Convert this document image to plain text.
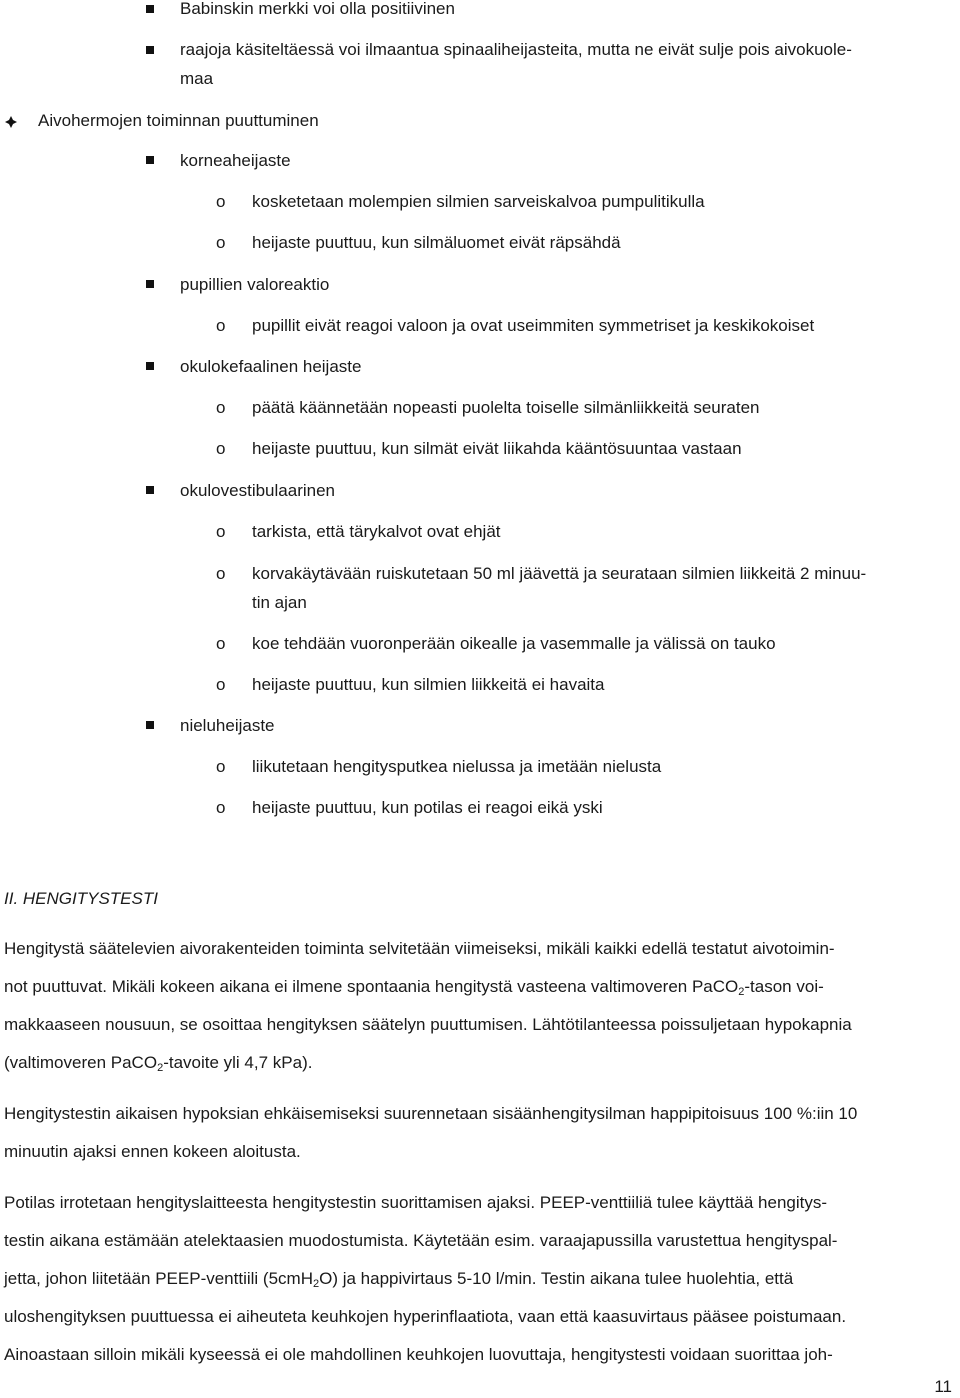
Babinskin merkki voi olla positiivinen
raajoja käsiteltäessä voi ilmaantua spinaaliheijasteita, mutta ne eivät sulje pois aivokuole-
maa
Aivohermojen toiminnan puuttuminen
korneaheijaste
o kosketetaan molempien silmien sarveiskalvoa pumpulitikulla
o heijaste puuttuu, kun silmäluomet eivät räpsähdä
pupillien valoreaktio
o pupillit eivät reagoi valoon ja ovat useimmiten symmetriset ja keskikokoiset
okulokefaalinen heijaste
o päätä käännetään nopeasti puolelta toiselle silmänliikkeitä seuraten
o heijaste puuttuu, kun silmät eivät liikahda kääntösuuntaa vastaan
okulovestibulaarinen
o tarkista, että tärykalvot ovat ehjät
o korvakäytävään ruiskutetaan 50 ml jäävettä ja seurataan silmien liikkeitä 2 minuu-
tin ajan
o koe tehdään vuoronperään oikealle ja vasemmalle ja välissä on tauko
o heijaste puuttuu, kun silmien liikkeitä ei havaita
nieluheijaste
o liikutetaan hengitysputkea nielussa ja imetään nielusta
o heijaste puuttuu, kun potilas ei reagoi eikä yski
II. HENGITYSTESTI
Hengitystä säätelevien aivorakenteiden toiminta selvitetään viimeiseksi, mikäli kaikki edellä testatut aivotoimin-
not puuttuvat. Mikäli kokeen aikana ei ilmene spontaania hengitystä vasteena valtimoveren PaCO$_2$-tason voi-
makkaaseen nousuun, se osoittaa hengityksen säätelyn puuttumisen. Lähtötilanteessa poissuljetaan hypokapnia
(valtimoveren PaCO$_2$-tavoite yli 4,7 kPa).
Hengitystestin aikaisen hypoksian ehkäisemiseksi suurennetaan sisäänhengitysilman happipitoisuus 100 %:iin 10
minuutin ajaksi ennen kokeen aloitusta.
Potilas irrotetaan hengityslaitteesta hengitystestin suorittamisen ajaksi. PEEP-venttiiliä tulee käyttää hengitys-
testin aikana estämään atelektaasien muodostumista. Käytetään esim. varaajapussilla varustettua hengityspal-
jetta, johon liitetään PEEP-venttiili (5cmH$_2$O) ja happivirtaus 5-10 l/min. Testin aikana tulee huolehtia, että
uloshengityksen puuttuessa ei aiheuteta keuhkojen hyperinflaatiota, vaan että kaasuvirtaus pääsee poistumaan.
Ainoastaan silloin mikäli kyseessä ei ole mahdollinen keuhkojen luovuttaja, hengitystesti voidaan suorittaa joh-
11
